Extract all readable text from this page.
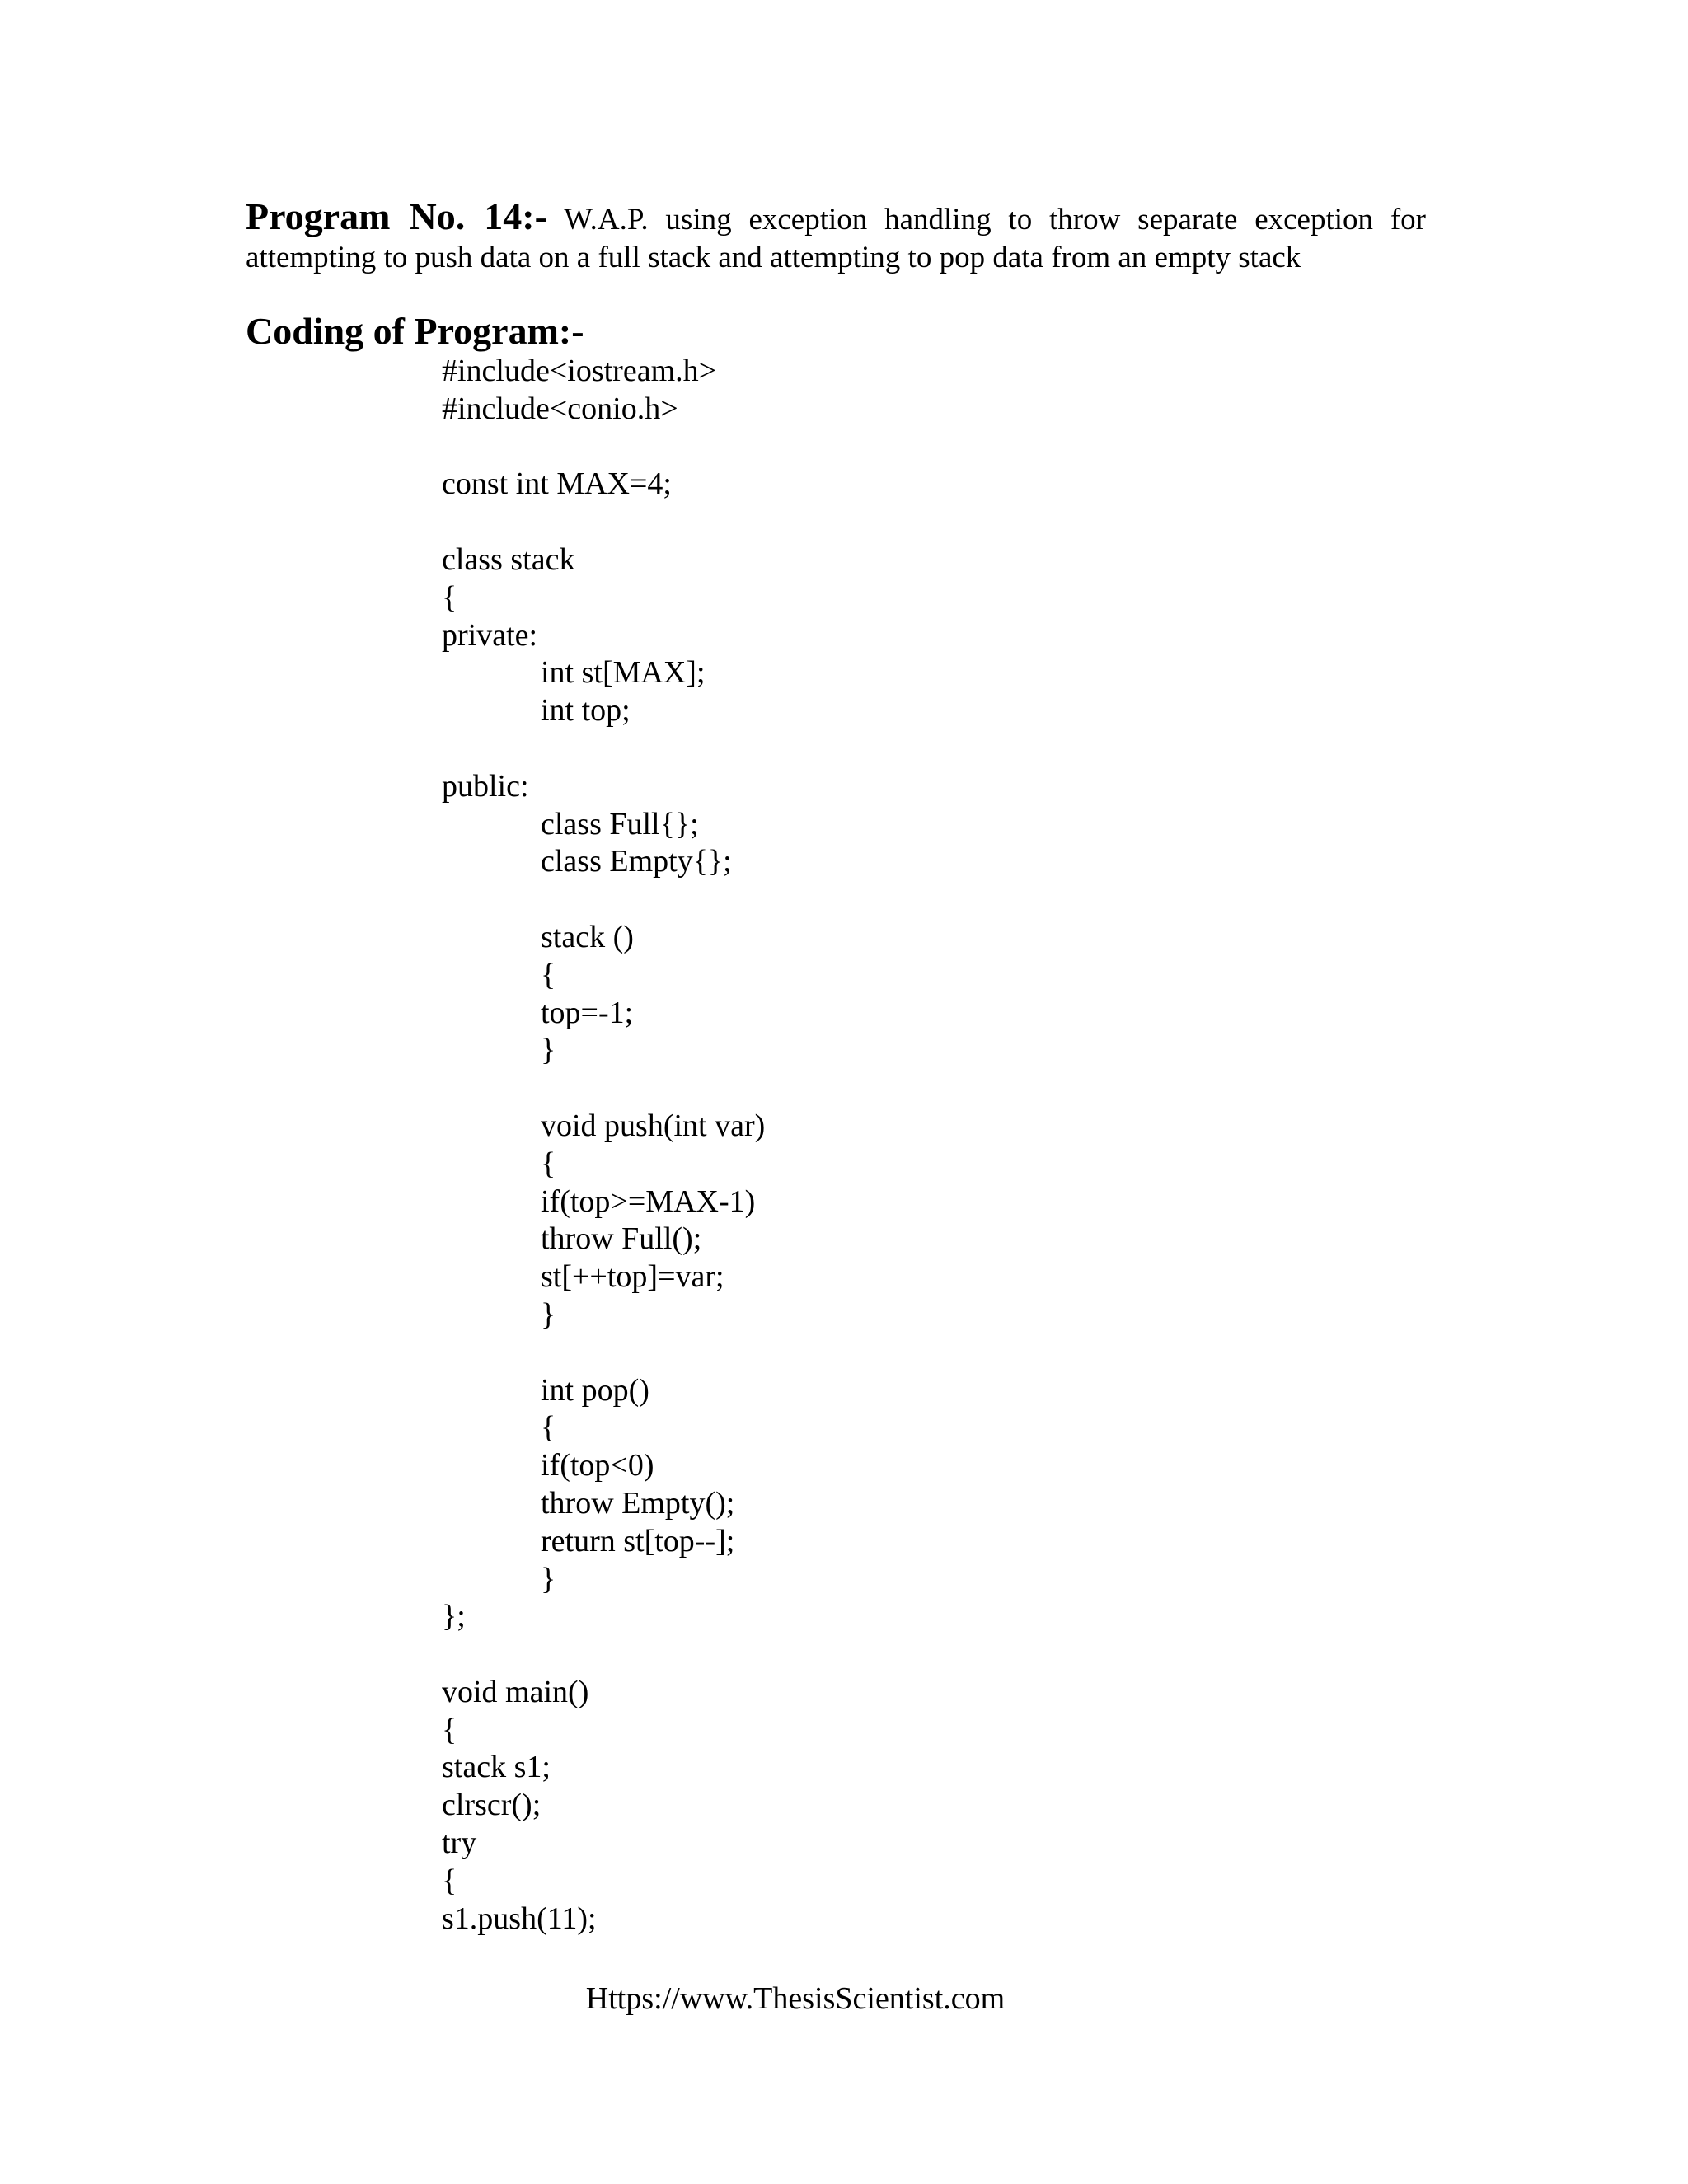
Program No. 14:- W.A.P. using exception handling to throw separate exception for

attempting to push data on a full stack and attempting to pop data from an empty stack

Coding of Program:-
#include<iostream.h>
#include<conio.h>
const int MAX=4;
class stack
{
private:
int st[MAX];
int top;
public:
class Full{};
class Empty{};
stack ()
{
top=-1;
}
void push(int var)
{
if(top>=MAX-1)
throw Full();
st[++top]=var;
}
int pop()
{
if(top<0)
throw Empty();
return st[top--];
}
};
void main()
{
stack s1;
clrscr();
try
{
s1.push(11);
Https://www.ThesisScientist.com
